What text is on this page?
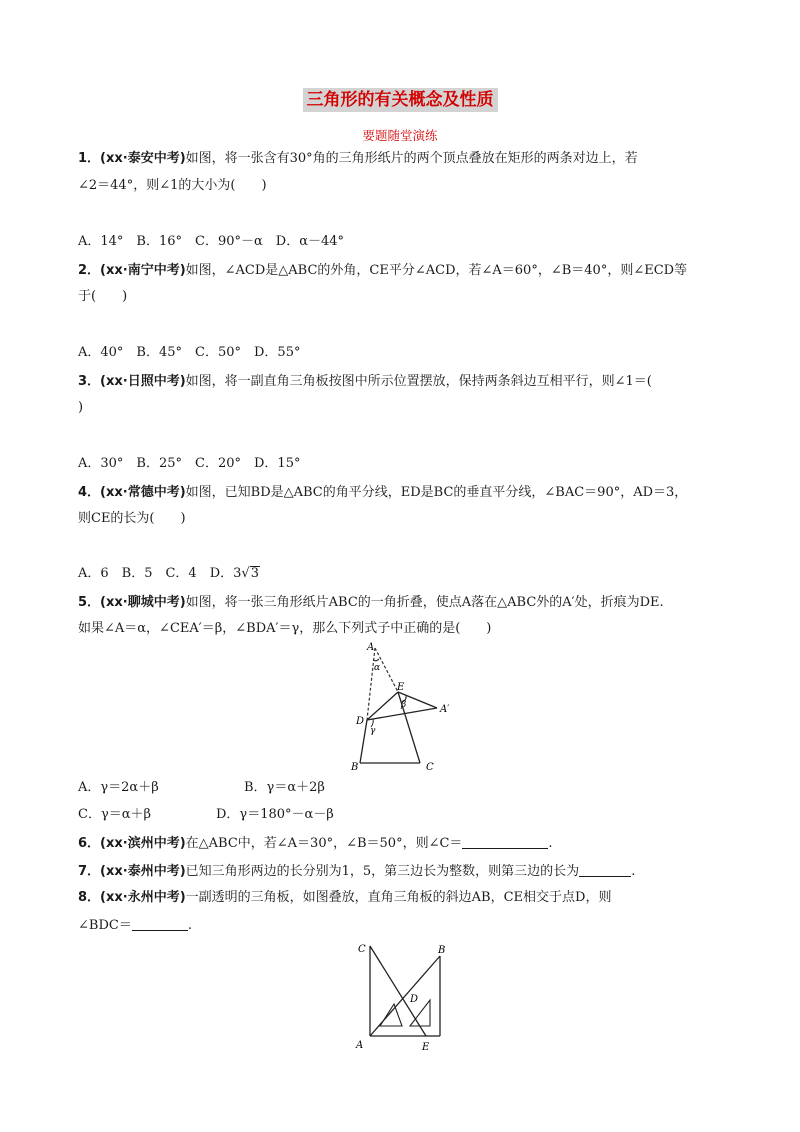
三角形的有关概念及性质
要题随堂演练
1．(xx·泰安中考)如图，将一张含有30°角的三角形纸片的两个顶点叠放在矩形的两条对边上，若
∠2＝44°，则∠1的大小为(　　)
A．14°　B．16°　C．90°－α　D．α－44°
2．(xx·南宁中考)如图，∠ACD是△ABC的外角，CE平分∠ACD，若∠A＝60°，∠B＝40°，则∠ECD等
于(　　)
A．40°　B．45°　C．50°　D．55°
3．(xx·日照中考)如图，将一副直角三角板按图中所示位置摆放，保持两条斜边互相平行，则∠1＝(
)
A．30°　B．25°　C．20°　D．15°
4．(xx·常德中考)如图，已知BD是△ABC的角平分线，ED是BC的垂直平分线，∠BAC＝90°，AD＝3，
则CE的长为(　　)
A．6　B．5　C．4　D．3√3
5．(xx·聊城中考)如图，将一张三角形纸片ABC的一角折叠，使点A落在△ABC外的A′处，折痕为DE.
如果∠A＝α，∠CEA′＝β，∠BDA′＝γ，那么下列式子中正确的是(　　)
A
α
E
β	A′
D
γ
B	C
A．γ＝2α＋β	B．γ＝α＋2β
C．γ＝α＋β	D．γ＝180°－α－β
6．(xx·滨州中考)在△ABC中，若∠A＝30°，∠B＝50°，则∠C＝	.
7．(xx·泰州中考)已知三角形两边的长分别为1，5，第三边长为整数，则第三边的长为	.
8．(xx·永州中考)一副透明的三角板，如图叠放，直角三角板的斜边AB，CE相交于点D，则
∠BDC＝	.
C	B
D
A	E
